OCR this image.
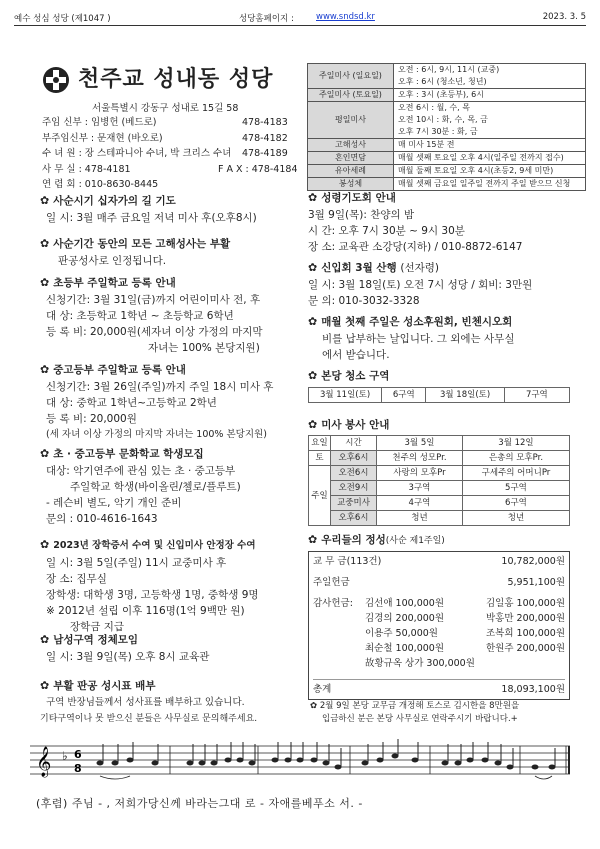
예수 성심 성당 (제1047 )	성당홈페이지 :	www.sndsd.kr	2023. 3. 5
천주교 성내동 성당
서울특별시 강동구 성내로 15길 58
주임 신부 : 임병헌 (베드로)	478-4183
부주임신부 : 문재현 (바오로)	478-4182
수 녀 원 : 장 스테파니아 수녀, 박 크리스 수녀 478-4189
사 무 실 : 478-4181	F A X : 478-4184
연 렴 회 : 010-8630-8445
주일미사 (일요일)	오전 : 6시, 9시, 11시 (교중)
오후 : 6시 (청소년, 청년)

주일미사 (토요일)	오후 : 3시 (초등부), 6시
평일미사	오전 6시 : 월, 수, 목
오전 10시 : 화, 수, 목, 금
오후 7시 30분 : 화, 금

고해성사	매 미사 15분 전
혼인면담	매월 셋째 토요일 오후 4시(일주일 전까지 접수)
유아세례	매월 둘째 토요일 오후 4시(초등2, 9세 미만)
봉성체	매월 셋째 금요일 일주일 전까지 주일 받으므 신청
✿ 사순시기 십자가의 길 기도
일 시: 3월 매주 금요일 저녁 미사 후(오후8시)
✿ 사순기간 동안의 모든 고해성사는 부활
판공성사로 인정됩니다.
✿ 초등부 주일학교 등록 안내
신청기간: 3월 31일(금)까지 어린이미사 전, 후
대 상: 초등학교 1학년 ~ 초등학교 6학년
등 록 비: 20,000원(세자녀 이상 가정의 마지막
자녀는 100% 본당지원)
✿ 중고등부 주일학교 등록 안내
신청기간: 3월 26일(주일)까지 주일 18시 미사 후
대 상: 중학교 1학년~고등학교 2학년
등 록 비: 20,000원
(세 자녀 이상 가정의 마지막 자녀는 100% 본당지원)
✿ 초 · 중고등부 문화학교 학생모집
대상: 악기연주에 관심 있는 초 · 중고등부
주일학교 학생(바이올린/첼로/플루트)
- 레슨비 별도, 악기 개인 준비
문의 : 010-4616-1643
✿ 2023년 장학증서 수여 및 신입미사 안정장 수여
일 시: 3월 5일(주일) 11시 교중미사 후
장 소: 집무실
장학생: 대학생 3명, 고등학생 1명, 중학생 9명
※ 2012년 설립 이후 116명(1억 9백만 원)
장학금 지급
✿ 남성구역 정체모임
일 시: 3월 9일(목) 오후 8시 교육관
✿ 부활 판공 성시표 배부
구역 반장님들께서 성사표를 배부하고 있습니다.
기타구역이나 못 받으신 분들은 사무실로 문의해주세요.
✿ 성령기도회 안내
3월 9일(목): 찬양의 밤
시 간: 오후 7시 30분 ~ 9시 30분
장 소: 교육관 소강당(지하) / 010-8872-6147
✿ 신입회 3월 산행 (선자령)
일 시: 3월 18일(토) 오전 7시 성당 / 회비: 3만원
문 의: 010-3032-3328
✿ 매월 첫째 주일은 성소후원회, 빈첸시오회
비를 납부하는 날입니다. 그 외에는 사무실
에서 받습니다.
✿ 본당 청소 구역
3월 11일(토)	6구역	3월 18일(토)	7구역
✿ 미사 봉사 안내
요일	시간	3월 5일	3월 12일
토	오후6시	천주의 성모Pr.	은총의 모후Pr.
주일	오전6시	사랑의 모후Pr	구세주의 어머니Pr
	오전9시	3구역	5구역
	교중미사	4구역	6구역
	오후6시	청년	청년
✿ 우리들의 정성(사순 제1주일)
교 무 금(113건)	10,782,000원
주일헌금	5,951,100원
감사헌금:	김선애 100,000원	김일홍 100,000원
김경의 200,000원	박홍만 200,000원
이용주 50,000원	조복희 100,000원
최순철 100,000원	한원주 200,000원
故황규옥 상가 300,000원
총계	18,093,100원
✿ 2월 9일 본당 교무금 개정해 토스로 김시한을 8만원을
입금하신 분은 본당 사무실로 연락주시기 바랍니다.+
𝄞 ♭ 6
8
(후렴) 주님 - , 저희가당신께 바라는그대 로 - 자애를베푸소 서. -
